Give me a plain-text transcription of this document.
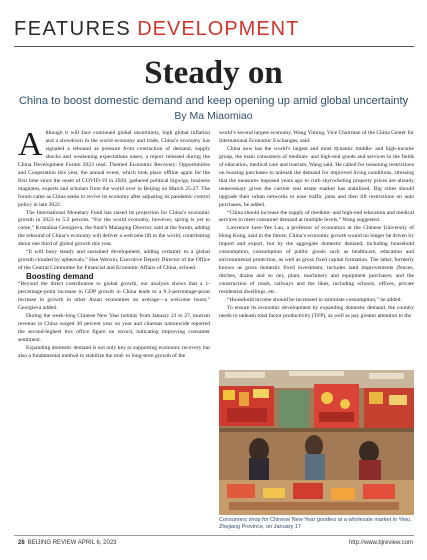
FEATURES DEVELOPMENT
Steady on
China to boost domestic demand and keep opening up amid global uncertainty
By Ma Miaomiao

Although it will face continued global uncertainty, high global inflation and a slowdown in the world economy and trade, China’s economy has signaled a rebound as pressure from contraction of demand, supply shocks and weakening expectations eases, a report released during the China Development Forum 2023 read. Themed Economic Recovery: Opportunities and Cooperation this year, the annual event, which took place offline again for the first time since the onset of COVID-19 in 2020, gathered political bigwigs, business magnates, experts and scholars from the world over in Beijing on March 25-27. The forum came as China seeks to revive its economy after adjusting its pandemic control policy in late 2022.

The International Monetary Fund has raised its projection for China’s economic growth in 2023 to 5.2 percent. “For the world economy, however, spring is yet to come,” Kristalina Georgieva, the fund’s Managing Director, said at the forum, adding the rebound of China’s economy will deliver a welcome lift to the world, contributing about one third of global growth this year.

“It will buoy steady and sustained development, adding certainty to a global growth clouded by upheavals,” Han Wenxiu, Executive Deputy Director of the Office of the Central Committee for Financial and Economic Affairs of China, echoed.

Boosting demand

“Beyond the direct contribution to global growth, our analysis shows that a 1-percentage-point increase in GDP growth in China leads to a 0.3-percentage-point increase in growth in other Asian economies on average—a welcome boost,” Georgieva added.

During the week-long Chinese New Year holiday from January 21 to 27, tourism revenue in China surged 30 percent year on year and cinemas nationwide reported the second-highest box office figure on record, indicating improving consumer sentiment.

Expanding domestic demand is not only key to supporting economic recovery but also a fundamental method to stabilize the mid- to long-term growth of the

world’s second largest economy, Wang Yiming, Vice Chairman of the China Center for International Economic Exchanges, said.

China now has the world’s largest and most dynamic middle- and high-income group, the main consumers of medium- and high-end goods and services in the fields of education, medical care and tourism, Wang said. He called for loosening restrictions on housing purchases to unleash the demand for improved living conditions, stressing that the measures imposed years ago to curb skyrocketing property prices are already unnecessary given the current real estate market has stabilized. Big cities should upgrade their urban networks to ease traffic jams and then lift restrictions on auto purchases, he added.

“China should increase the supply of medium- and high-end education and medical services to meet consumer demand at multiple levels,” Wang suggested.

Lawrence Juen-Yee Lau, a professor of economics at the Chinese University of Hong Kong, said in the future, China’s economic growth would no longer be driven by import and export, but by the aggregate domestic demand, including household consumption, consumption of public goods such as healthcare, education and environmental protection, as well as gross fixed capital formation. The latter, formerly known as gross domestic fixed investment, includes land improvements (fences, ditches, drains and so on), plant, machinery and equipment purchases; and the construction of roads, railways and the likes, including schools, offices, private residential dwellings, etc.

“Household income should be increased to stimulate consumption,” he added.

To ensure its economic development by expanding domestic demand, the country needs to unleash total factor productivity (TFP), as well as pay greater attention to the

Consumers shop for Chinese New Year goodies at a wholesale market in Yiwu, Zhejiang Province, on January 17
28 BEIJING REVIEW APRIL 6, 2023	http://www.bjreview.com
